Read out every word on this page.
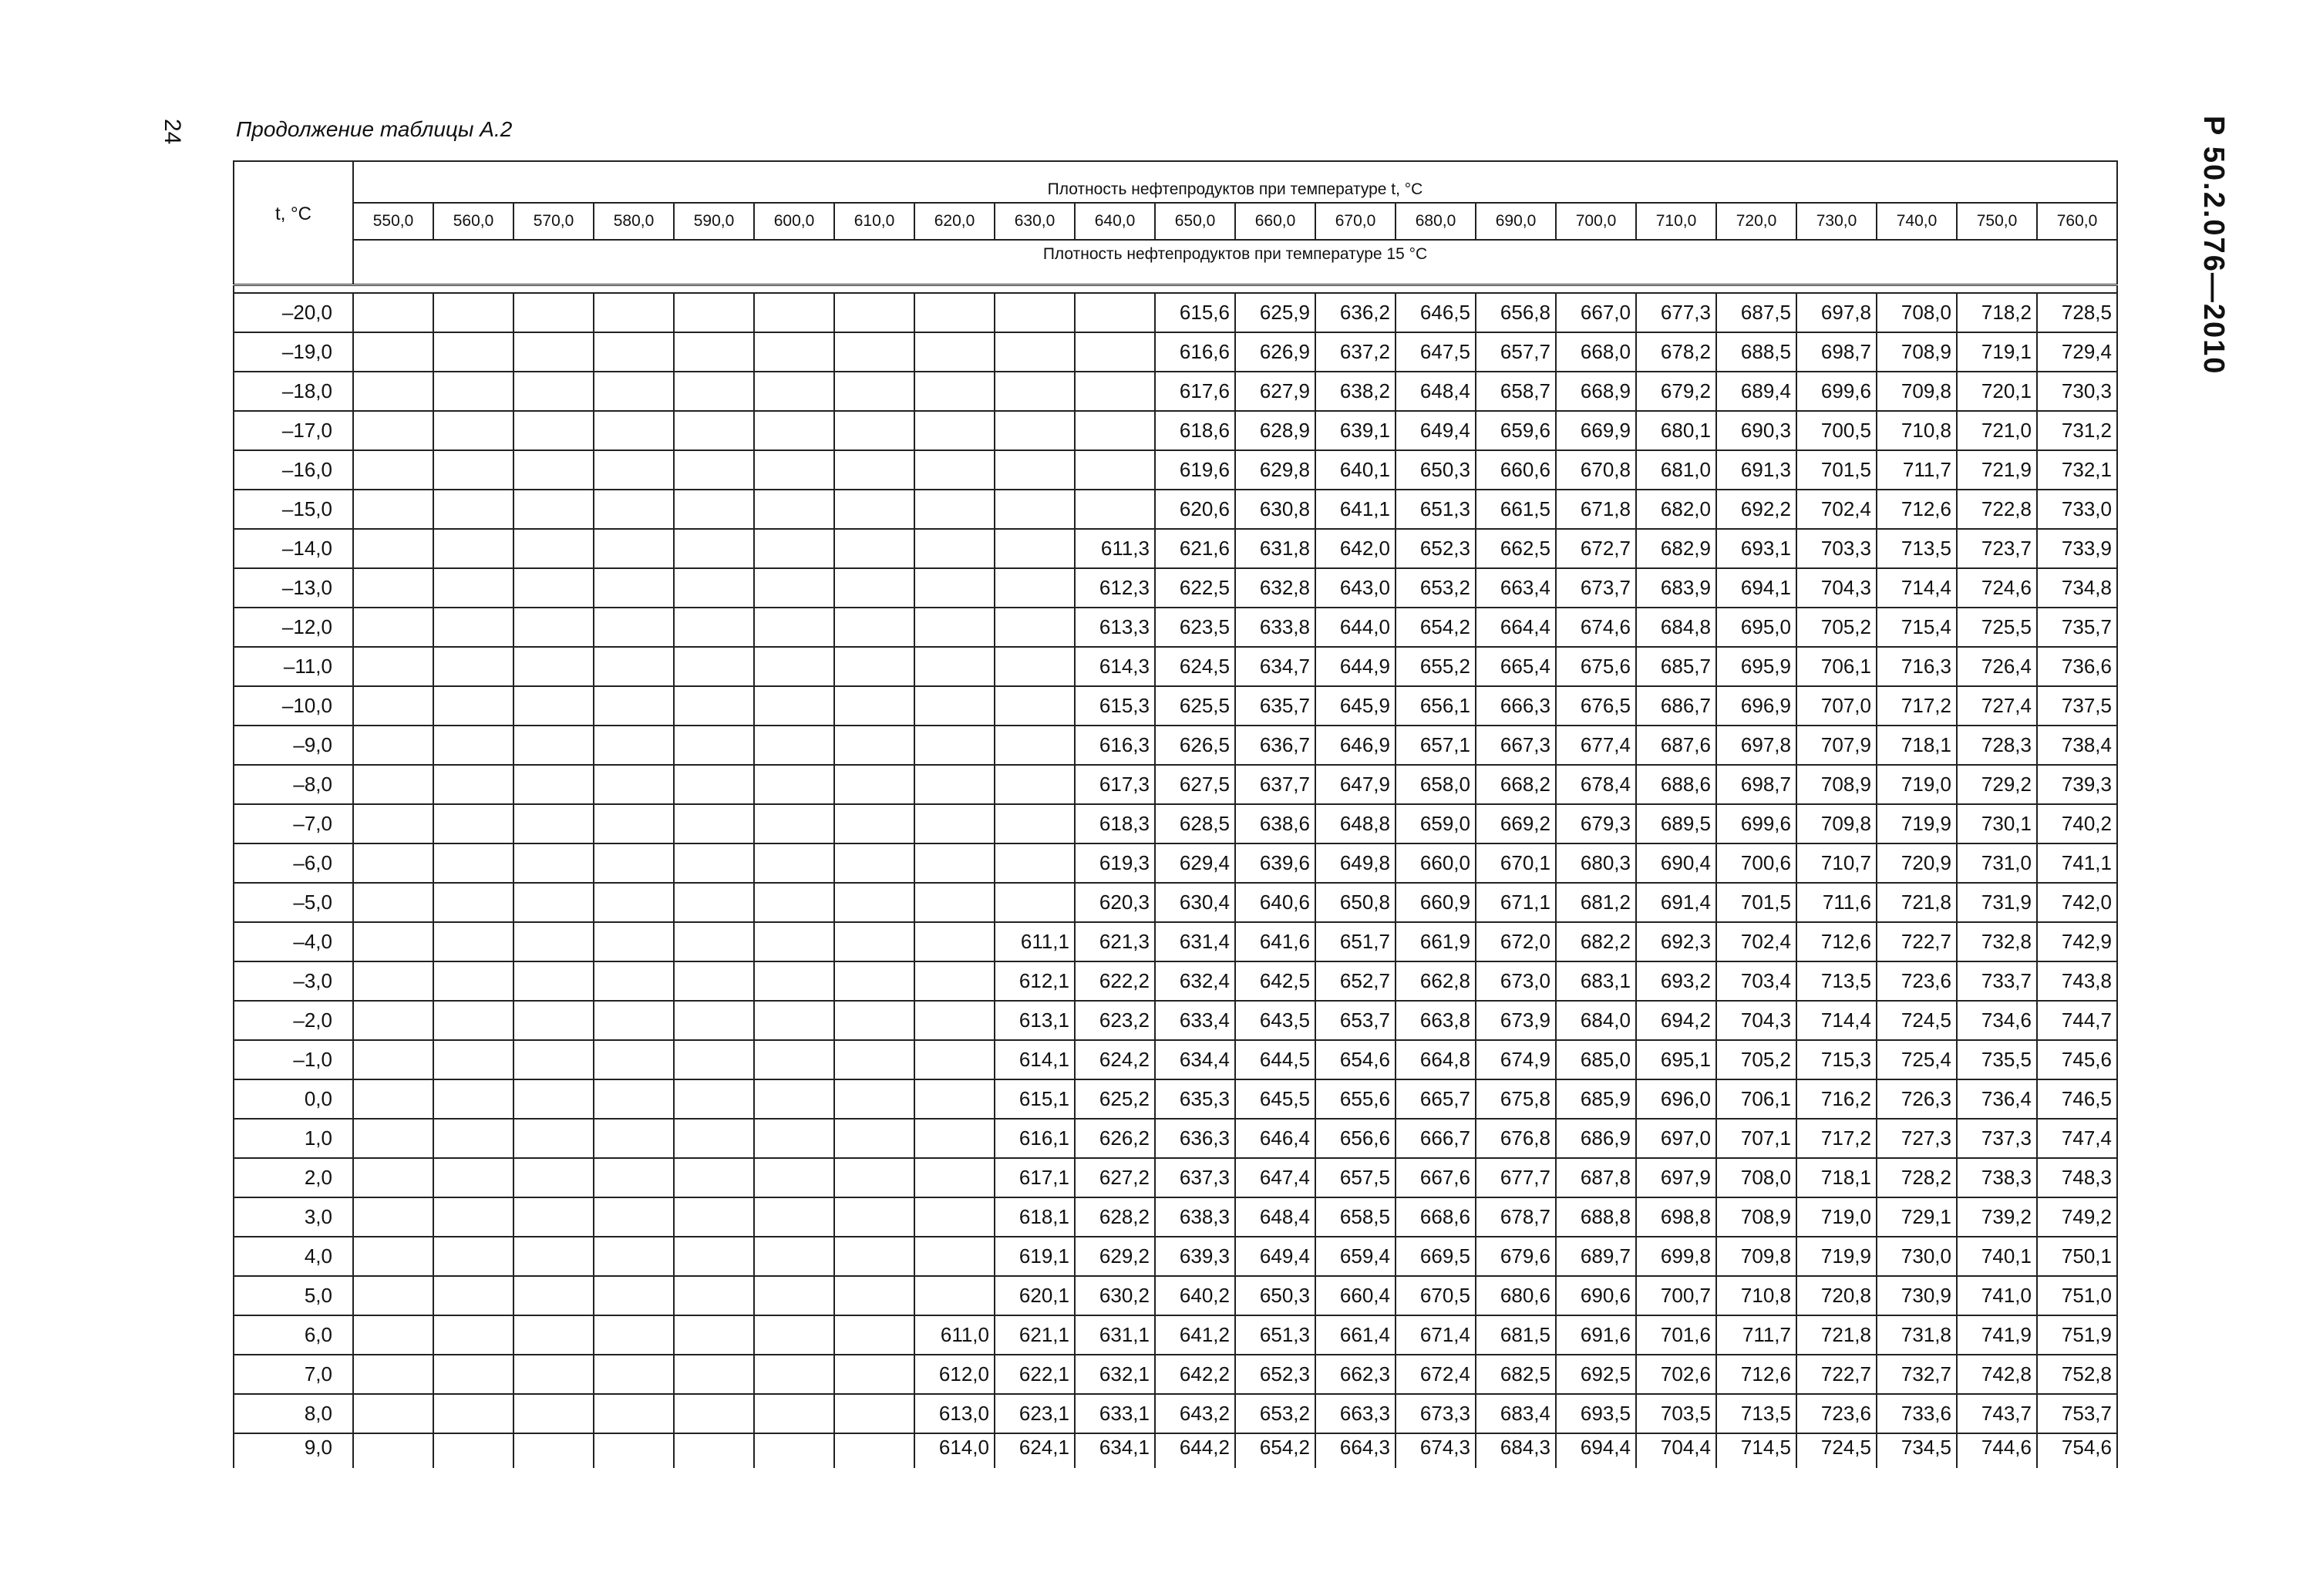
24 Продолжение таблицы А.2	Р 50.2.076—2010
t, °C	Плотность нефтепродуктов при температуре t, °C																					
	550,0	560,0	570,0	580,0	590,0	600,0	610,0	620,0	630,0	640,0	650,0	660,0	670,0	680,0	690,0	700,0	710,0	720,0	730,0	740,0	750,0	760,0
	Плотность нефтепродуктов при температуре 15 °C																					

–20,0											615,6	625,9	636,2	646,5	656,8	667,0	677,3	687,5	697,8	708,0	718,2	728,5
–19,0											616,6	626,9	637,2	647,5	657,7	668,0	678,2	688,5	698,7	708,9	719,1	729,4
–18,0											617,6	627,9	638,2	648,4	658,7	668,9	679,2	689,4	699,6	709,8	720,1	730,3
–17,0											618,6	628,9	639,1	649,4	659,6	669,9	680,1	690,3	700,5	710,8	721,0	731,2
–16,0											619,6	629,8	640,1	650,3	660,6	670,8	681,0	691,3	701,5	711,7	721,9	732,1
–15,0											620,6	630,8	641,1	651,3	661,5	671,8	682,0	692,2	702,4	712,6	722,8	733,0
–14,0										611,3	621,6	631,8	642,0	652,3	662,5	672,7	682,9	693,1	703,3	713,5	723,7	733,9
–13,0										612,3	622,5	632,8	643,0	653,2	663,4	673,7	683,9	694,1	704,3	714,4	724,6	734,8
–12,0										613,3	623,5	633,8	644,0	654,2	664,4	674,6	684,8	695,0	705,2	715,4	725,5	735,7
–11,0										614,3	624,5	634,7	644,9	655,2	665,4	675,6	685,7	695,9	706,1	716,3	726,4	736,6
–10,0										615,3	625,5	635,7	645,9	656,1	666,3	676,5	686,7	696,9	707,0	717,2	727,4	737,5
–9,0										616,3	626,5	636,7	646,9	657,1	667,3	677,4	687,6	697,8	707,9	718,1	728,3	738,4
–8,0										617,3	627,5	637,7	647,9	658,0	668,2	678,4	688,6	698,7	708,9	719,0	729,2	739,3
–7,0										618,3	628,5	638,6	648,8	659,0	669,2	679,3	689,5	699,6	709,8	719,9	730,1	740,2
–6,0										619,3	629,4	639,6	649,8	660,0	670,1	680,3	690,4	700,6	710,7	720,9	731,0	741,1
–5,0										620,3	630,4	640,6	650,8	660,9	671,1	681,2	691,4	701,5	711,6	721,8	731,9	742,0
–4,0									611,1	621,3	631,4	641,6	651,7	661,9	672,0	682,2	692,3	702,4	712,6	722,7	732,8	742,9
–3,0									612,1	622,2	632,4	642,5	652,7	662,8	673,0	683,1	693,2	703,4	713,5	723,6	733,7	743,8
–2,0									613,1	623,2	633,4	643,5	653,7	663,8	673,9	684,0	694,2	704,3	714,4	724,5	734,6	744,7
–1,0									614,1	624,2	634,4	644,5	654,6	664,8	674,9	685,0	695,1	705,2	715,3	725,4	735,5	745,6
0,0									615,1	625,2	635,3	645,5	655,6	665,7	675,8	685,9	696,0	706,1	716,2	726,3	736,4	746,5
1,0									616,1	626,2	636,3	646,4	656,6	666,7	676,8	686,9	697,0	707,1	717,2	727,3	737,3	747,4
2,0									617,1	627,2	637,3	647,4	657,5	667,6	677,7	687,8	697,9	708,0	718,1	728,2	738,3	748,3
3,0									618,1	628,2	638,3	648,4	658,5	668,6	678,7	688,8	698,8	708,9	719,0	729,1	739,2	749,2
4,0									619,1	629,2	639,3	649,4	659,4	669,5	679,6	689,7	699,8	709,8	719,9	730,0	740,1	750,1
5,0									620,1	630,2	640,2	650,3	660,4	670,5	680,6	690,6	700,7	710,8	720,8	730,9	741,0	751,0
6,0								611,0	621,1	631,1	641,2	651,3	661,4	671,4	681,5	691,6	701,6	711,7	721,8	731,8	741,9	751,9
7,0								612,0	622,1	632,1	642,2	652,3	662,3	672,4	682,5	692,5	702,6	712,6	722,7	732,7	742,8	752,8
8,0								613,0	623,1	633,1	643,2	653,2	663,3	673,3	683,4	693,5	703,5	713,5	723,6	733,6	743,7	753,7
9,0								614,0	624,1	634,1	644,2	654,2	664,3	674,3	684,3	694,4	704,4	714,5	724,5	734,5	744,6	754,6
